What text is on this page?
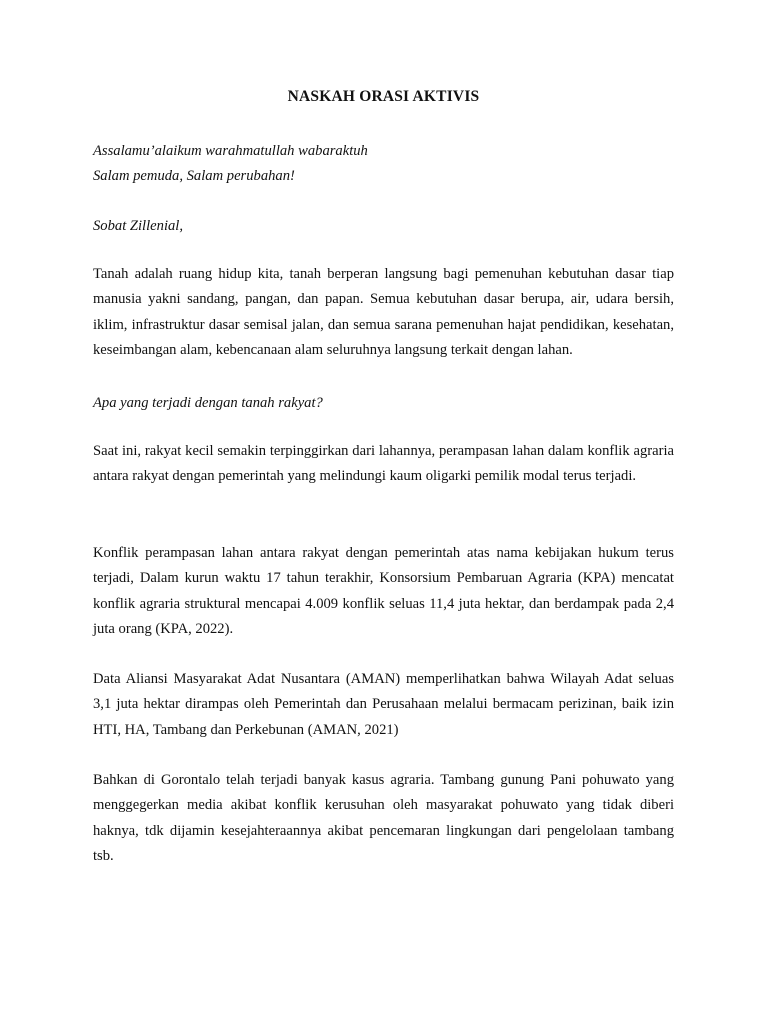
NASKAH ORASI AKTIVIS
Assalamu’alaikum warahmatullah wabaraktuh
Salam pemuda, Salam perubahan!
Sobat Zillenial,
Tanah adalah ruang hidup kita, tanah berperan langsung bagi pemenuhan kebutuhan dasar tiap manusia yakni sandang, pangan, dan papan. Semua kebutuhan dasar berupa, air, udara bersih, iklim, infrastruktur dasar semisal jalan, dan semua sarana pemenuhan hajat pendidikan, kesehatan, keseimbangan alam, kebencanaan alam seluruhnya langsung terkait dengan lahan.
Apa yang terjadi dengan tanah rakyat?
Saat ini, rakyat kecil semakin terpinggirkan dari lahannya, perampasan lahan dalam konflik agraria antara rakyat dengan pemerintah yang melindungi kaum oligarki pemilik modal terus terjadi.
Konflik perampasan lahan antara rakyat dengan pemerintah atas nama kebijakan hukum terus terjadi, Dalam kurun waktu 17 tahun terakhir, Konsorsium Pembaruan Agraria (KPA) mencatat konflik agraria struktural mencapai 4.009 konflik seluas 11,4 juta hektar, dan berdampak pada 2,4 juta orang (KPA, 2022).
Data Aliansi Masyarakat Adat Nusantara (AMAN) memperlihatkan bahwa Wilayah Adat seluas 3,1 juta hektar dirampas oleh Pemerintah dan Perusahaan melalui bermacam perizinan, baik izin HTI, HA, Tambang dan Perkebunan (AMAN, 2021)
Bahkan di Gorontalo telah terjadi banyak kasus agraria. Tambang gunung Pani pohuwato yang menggegerkan media akibat konflik kerusuhan oleh masyarakat pohuwato yang tidak diberi haknya, tdk dijamin kesejahteraannya akibat pencemaran lingkungan dari pengelolaan tambang tsb.
